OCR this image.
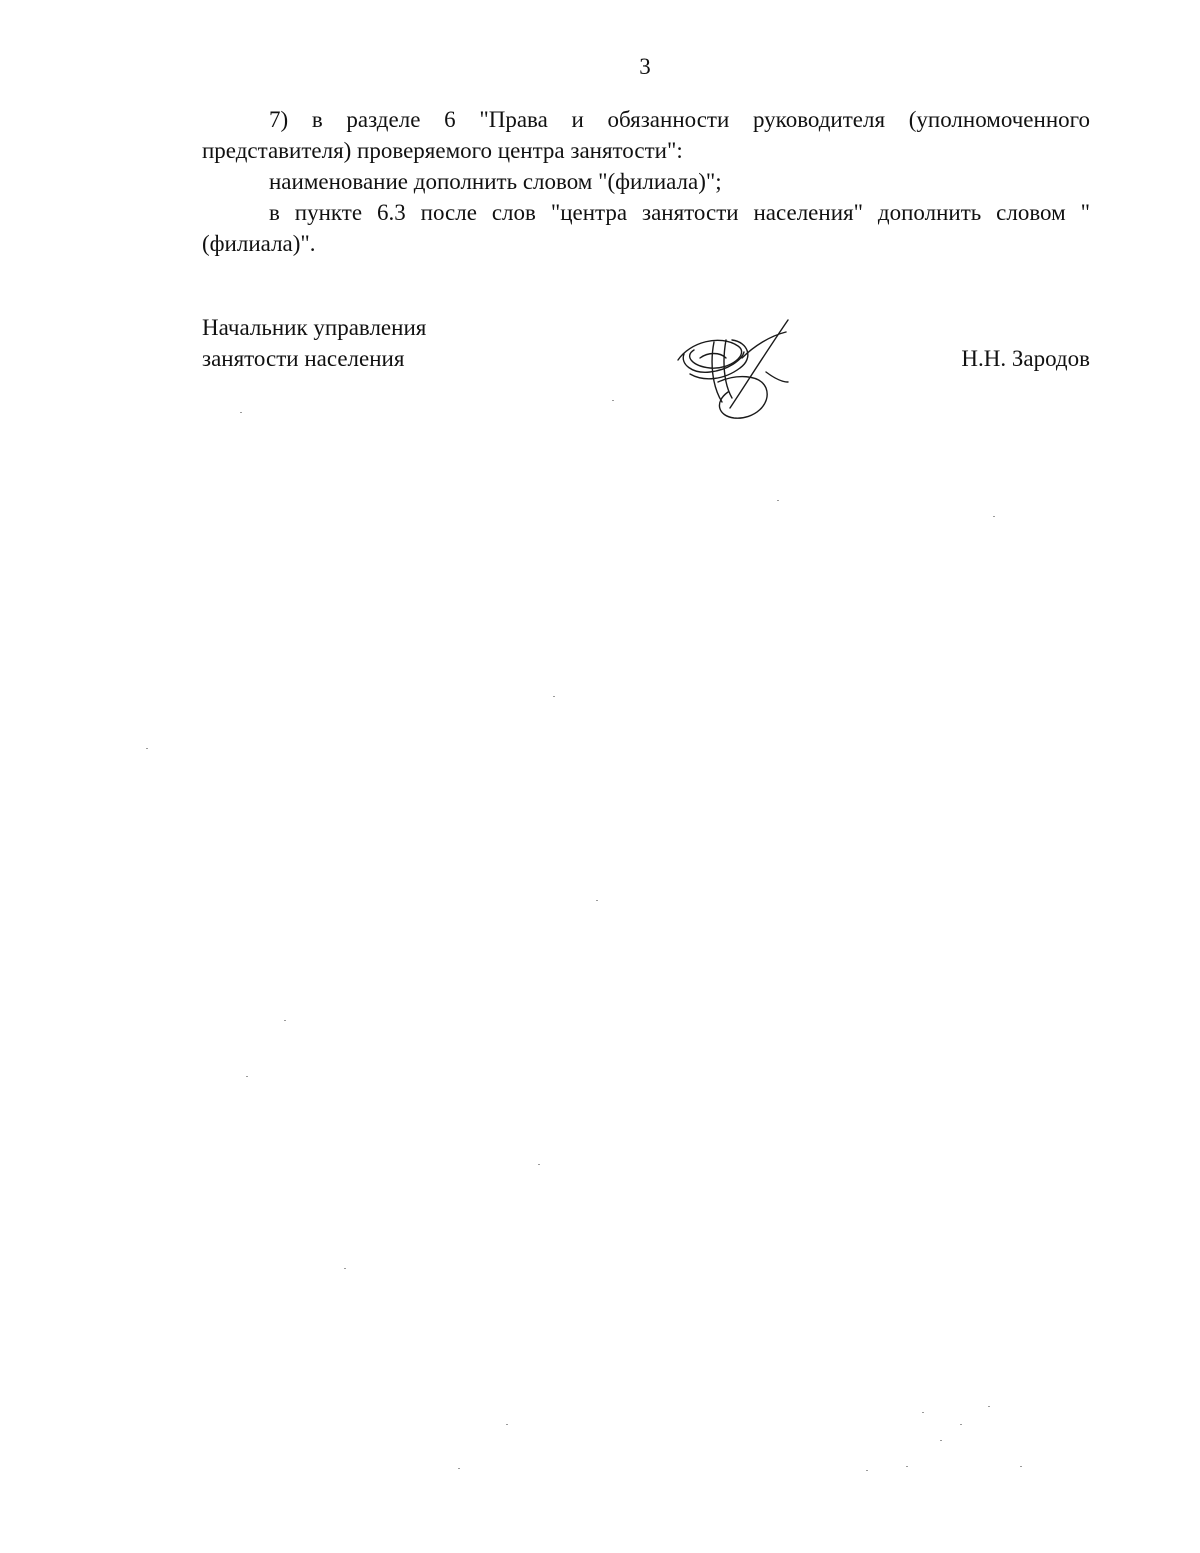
3

7) в разделе 6 "Права и обязанности руководителя (уполномоченного представителя) проверяемого центра занятости":

наименование дополнить словом "(филиала)";

в пункте 6.3 после слов "центра занятости населения" дополнить словом "(филиала)".

Начальник управления
занятости населения	Н.Н. Зародов
